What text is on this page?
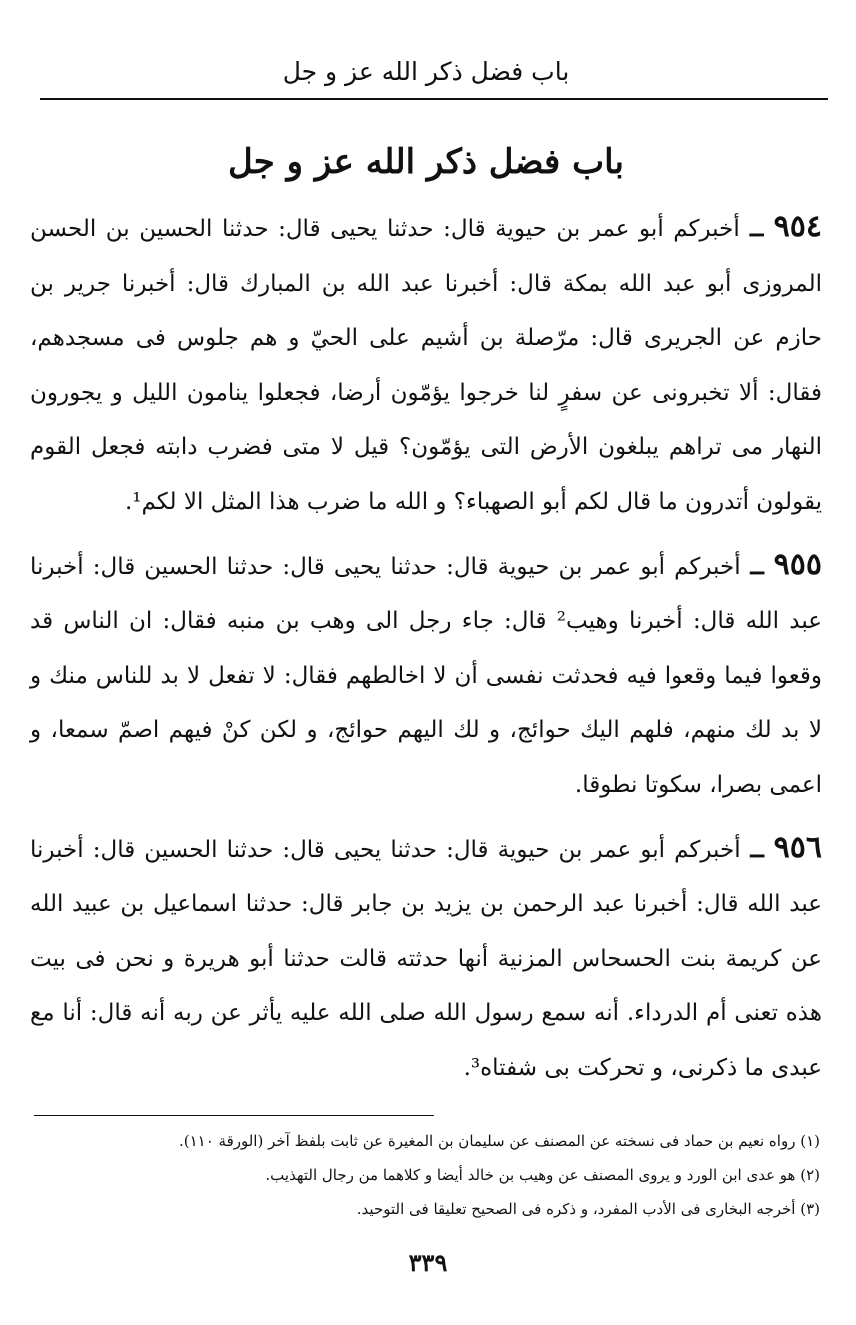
باب فضل ذكر الله عز و جل
باب فضل ذكر الله عز و جل

٩٥٤ ــ أخبركم أبو عمر بن حيوية قال: حدثنا يحيى قال: حدثنا الحسين بن الحسن المروزى أبو عبد الله بمكة قال: أخبرنا عبد الله بن المبارك قال: أخبرنا جرير بن حازم عن الجريرى قال: مرّصلة بن أشيم على الحيّ و هم جلوس فى مسجدهم، فقال: ألا تخبرونى عن سفرٍ لنا خرجوا يؤمّون أرضا، فجعلوا ينامون الليل و يجورون النهار مى تراهم يبلغون الأرض التى يؤمّون؟ قيل لا متى فضرب دابته فجعل القوم يقولون أتدرون ما قال لكم أبو الصهباء؟ و الله ما ضرب هذا المثل الا لكم¹.

٩٥٥ ــ أخبركم أبو عمر بن حيوية قال: حدثنا يحيى قال: حدثنا الحسين قال: أخبرنا عبد الله قال: أخبرنا وهيب² قال: جاء رجل الى وهب بن منبه فقال: ان الناس قد وقعوا فيما وقعوا فيه فحدثت نفسى أن لا اخالطهم فقال: لا تفعل لا بد للناس منك و لا بد لك منهم، فلهم اليك حوائج، و لك اليهم حوائج، و لكن كنْ فيهم اصمّ سمعا، و اعمى بصرا، سكوتا نطوقا.

٩٥٦ ــ أخبركم أبو عمر بن حيوية قال: حدثنا يحيى قال: حدثنا الحسين قال: أخبرنا عبد الله قال: أخبرنا عبد الرحمن بن يزيد بن جابر قال: حدثنا اسماعيل بن عبيد الله عن كريمة بنت الحسحاس المزنية أنها حدثته قالت حدثنا أبو هريرة و نحن فى بيت هذه تعنى أم الدرداء. أنه سمع رسول الله صلى الله عليه يأثر عن ربه أنه قال: أنا مع عبدى ما ذكرنى، و تحركت بى شفتاه³.

(١) رواه نعيم بن حماد فى نسخته عن المصنف عن سليمان بن المغيرة عن ثابت بلفظ آخر (الورقة ١١٠).
(٢) هو عدى ابن الورد و يروى المصنف عن وهيب بن خالد أيضا و كلاهما من رجال التهذيب.
(٣) أخرجه البخارى فى الأدب المفرد، و ذكره فى الصحيح تعليقا فى التوحيد.
٣٣٩
